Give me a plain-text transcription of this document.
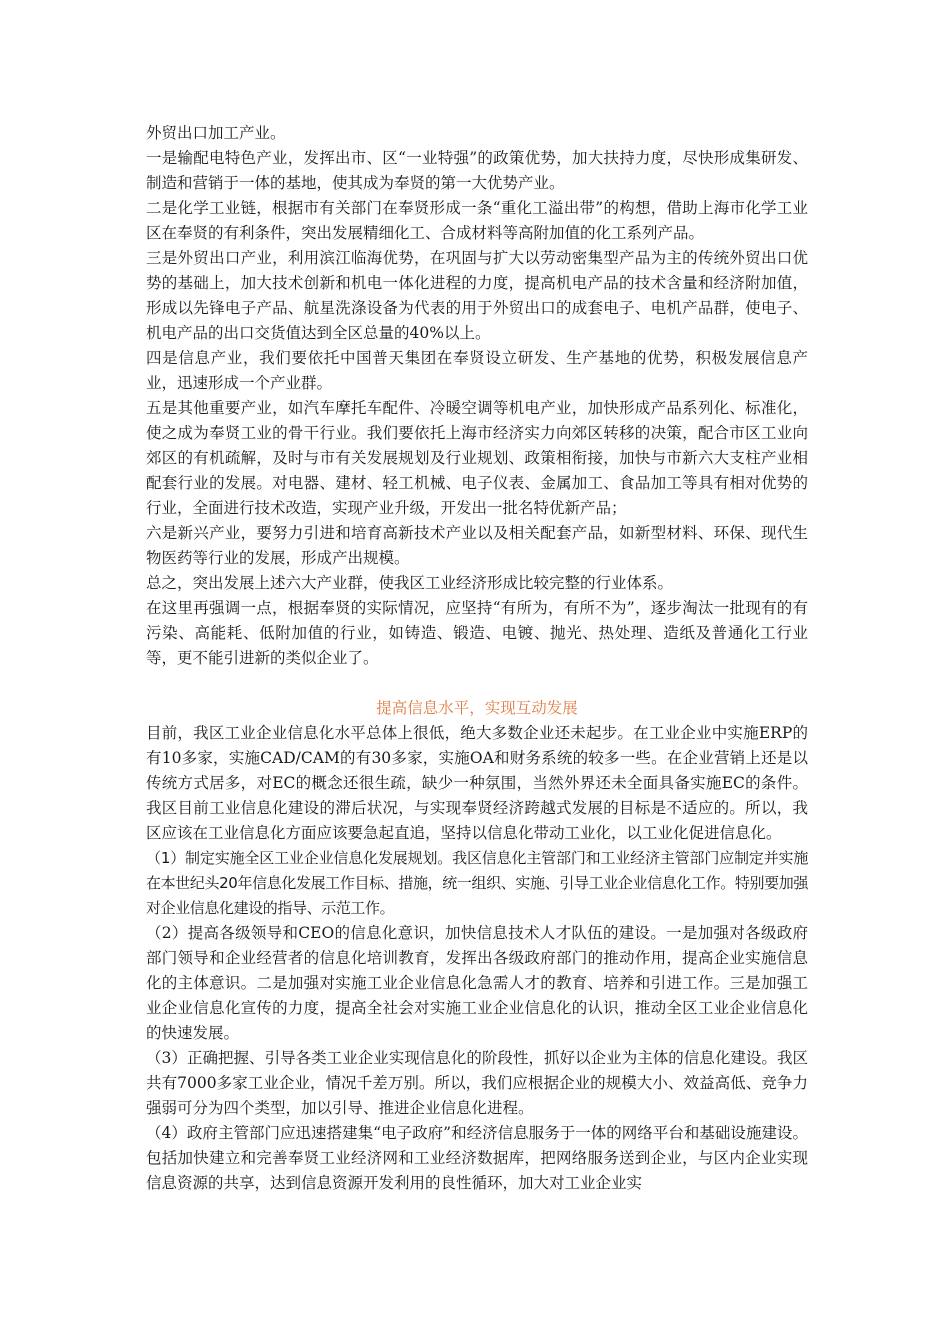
外贸出口加工产业。

一是输配电特色产业，发挥出市、区“一业特强”的政策优势，加大扶持力度，尽快形成集研发、制造和营销于一体的基地，使其成为奉贤的第一大优势产业。

二是化学工业链，根据市有关部门在奉贤形成一条“重化工溢出带”的构想，借助上海市化学工业区在奉贤的有利条件，突出发展精细化工、合成材料等高附加值的化工系列产品。

三是外贸出口产业，利用滨江临海优势，在巩固与扩大以劳动密集型产品为主的传统外贸出口优势的基础上，加大技术创新和机电一体化进程的力度，提高机电产品的技术含量和经济附加值，形成以先锋电子产品、航星洗涤设备为代表的用于外贸出口的成套电子、电机产品群，使电子、机电产品的出口交货值达到全区总量的40%以上。

四是信息产业，我们要依托中国普天集团在奉贤设立研发、生产基地的优势，积极发展信息产业，迅速形成一个产业群。

五是其他重要产业，如汽车摩托车配件、冷暖空调等机电产业，加快形成产品系列化、标准化，使之成为奉贤工业的骨干行业。我们要依托上海市经济实力向郊区转移的决策，配合市区工业向郊区的有机疏解，及时与市有关发展规划及行业规划、政策相衔接，加快与市新六大支柱产业相配套行业的发展。对电器、建材、轻工机械、电子仪表、金属加工、食品加工等具有相对优势的行业，全面进行技术改造，实现产业升级，开发出一批名特优新产品；

六是新兴产业，要努力引进和培育高新技术产业以及相关配套产品，如新型材料、环保、现代生物医药等行业的发展，形成产出规模。

总之，突出发展上述六大产业群，使我区工业经济形成比较完整的行业体系。

在这里再强调一点，根据奉贤的实际情况，应坚持“有所为，有所不为”，逐步淘汰一批现有的有污染、高能耗、低附加值的行业，如铸造、锻造、电镀、抛光、热处理、造纸及普通化工行业等，更不能引进新的类似企业了。

提高信息水平，实现互动发展

目前，我区工业企业信息化水平总体上很低，绝大多数企业还未起步。在工业企业中实施ERP的有10多家，实施CAD/CAM的有30多家，实施OA和财务系统的较多一些。在企业营销上还是以传统方式居多，对EC的概念还很生疏，缺少一种氛围，当然外界还未全面具备实施EC的条件。我区目前工业信息化建设的滞后状况，与实现奉贤经济跨越式发展的目标是不适应的。所以，我区应该在工业信息化方面应该要急起直追，坚持以信息化带动工业化，以工业化促进信息化。

（1）制定实施全区工业企业信息化发展规划。我区信息化主管部门和工业经济主管部门应制定并实施在本世纪头20年信息化发展工作目标、措施，统一组织、实施、引导工业企业信息化工作。特别要加强对企业信息化建设的指导、示范工作。

（2）提高各级领导和CEO的信息化意识，加快信息技术人才队伍的建设。一是加强对各级政府部门领导和企业经营者的信息化培训教育，发挥出各级政府部门的推动作用，提高企业实施信息化的主体意识。二是加强对实施工业企业信息化急需人才的教育、培养和引进工作。三是加强工业企业信息化宣传的力度，提高全社会对实施工业企业信息化的认识，推动全区工业企业信息化的快速发展。

（3）正确把握、引导各类工业企业实现信息化的阶段性，抓好以企业为主体的信息化建设。我区共有7000多家工业企业，情况千差万别。所以，我们应根据企业的规模大小、效益高低、竞争力强弱可分为四个类型，加以引导、推进企业信息化进程。

（4）政府主管部门应迅速搭建集“电子政府”和经济信息服务于一体的网络平台和基础设施建设。包括加快建立和完善奉贤工业经济网和工业经济数据库，把网络服务送到企业，与区内企业实现信息资源的共享，达到信息资源开发利用的良性循环，加大对工业企业实
